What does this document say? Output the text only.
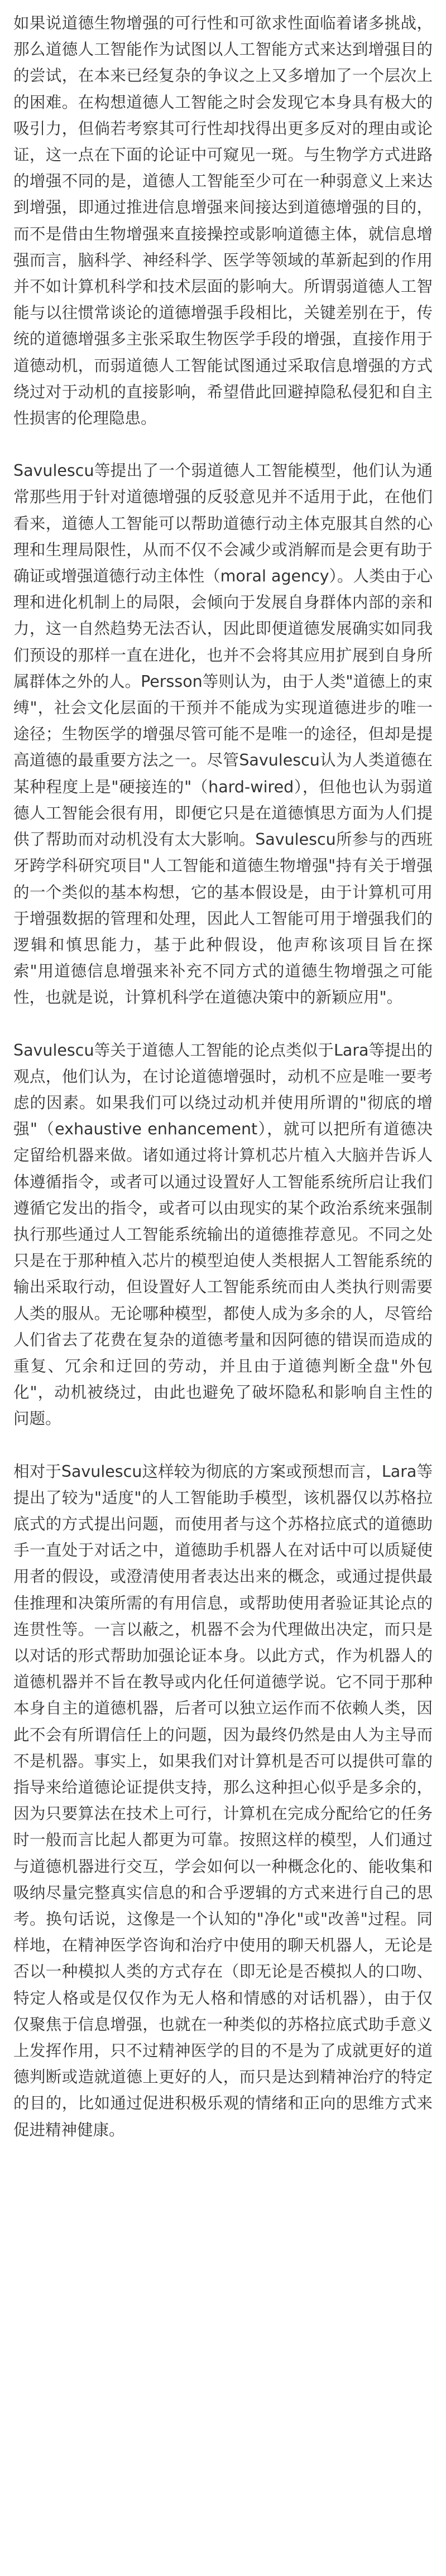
如果说道德生物增强的可行性和可欲求性面临着诸多挑战，那么道德人工智能作为试图以人工智能方式来达到增强目的的尝试，在本来已经复杂的争议之上又多增加了一个层次上的困难。在构想道德人工智能之时会发现它本身具有极大的吸引力，但倘若考察其可行性却找得出更多反对的理由或论证，这一点在下面的论证中可窥见一斑。与生物学方式进路的增强不同的是，道德人工智能至少可在一种弱意义上来达到增强，即通过推进信息增强来间接达到道德增强的目的，而不是借由生物增强来直接操控或影响道德主体，就信息增强而言，脑科学、神经科学、医学等领域的革新起到的作用并不如计算机科学和技术层面的影响大。所谓弱道德人工智能与以往惯常谈论的道德增强手段相比，关键差别在于，传统的道德增强多主张采取生物医学手段的增强，直接作用于道德动机，而弱道德人工智能试图通过采取信息增强的方式绕过对于动机的直接影响，希望借此回避掉隐私侵犯和自主性损害的伦理隐患。

Savulescu等提出了一个弱道德人工智能模型，他们认为通常那些用于针对道德增强的反驳意见并不适用于此，在他们看来，道德人工智能可以帮助道德行动主体克服其自然的心理和生理局限性，从而不仅不会减少或消解而是会更有助于确证或增强道德行动主体性（moral agency）。人类由于心理和进化机制上的局限，会倾向于发展自身群体内部的亲和力，这一自然趋势无法否认，因此即便道德发展确实如同我们预设的那样一直在进化，也并不会将其应用扩展到自身所属群体之外的人。Persson等则认为，由于人类"道德上的束缚"，社会文化层面的干预并不能成为实现道德进步的唯一途径；生物医学的增强尽管可能不是唯一的途径，但却是提高道德的最重要方法之一。尽管Savulescu认为人类道德在某种程度上是"硬接连的"（hard-wired），但他也认为弱道德人工智能会很有用，即便它只是在道德慎思方面为人们提供了帮助而对动机没有太大影响。Savulescu所参与的西班牙跨学科研究项目"人工智能和道德生物增强"持有关于增强的一个类似的基本构想，它的基本假设是，由于计算机可用于增强数据的管理和处理，因此人工智能可用于增强我们的逻辑和慎思能力，基于此种假设，他声称该项目旨在探索"用道德信息增强来补充不同方式的道德生物增强之可能性，也就是说，计算机科学在道德决策中的新颖应用"。

Savulescu等关于道德人工智能的论点类似于Lara等提出的观点，他们认为，在讨论道德增强时，动机不应是唯一要考虑的因素。如果我们可以绕过动机并使用所谓的"彻底的增强"（exhaustive enhancement），就可以把所有道德决定留给机器来做。诸如通过将计算机芯片植入大脑并告诉人体遵循指令，或者可以通过设置好人工智能系统所启让我们遵循它发出的指令，或者可以由现实的某个政治系统来强制执行那些通过人工智能系统输出的道德推荐意见。不同之处只是在于那种植入芯片的模型迫使人类根据人工智能系统的输出采取行动，但设置好人工智能系统而由人类执行则需要人类的服从。无论哪种模型，都使人成为多余的人，尽管给人们省去了花费在复杂的道德考量和因阿德的错误而造成的重复、冗余和迂回的劳动，并且由于道德判断全盘"外包化"，动机被绕过，由此也避免了破坏隐私和影响自主性的问题。

相对于Savulescu这样较为彻底的方案或预想而言，Lara等提出了较为"适度"的人工智能助手模型，该机器仅以苏格拉底式的方式提出问题，而使用者与这个苏格拉底式的道德助手一直处于对话之中，道德助手机器人在对话中可以质疑使用者的假设，或澄清使用者表达出来的概念，或通过提供最佳推理和决策所需的有用信息，或帮助使用者验证其论点的连贯性等。一言以蔽之，机器不会为代理做出决定，而只是以对话的形式帮助加强论证本身。以此方式，作为机器人的道德机器并不旨在教导或内化任何道德学说。它不同于那种本身自主的道德机器，后者可以独立运作而不依赖人类，因此不会有所谓信任上的问题，因为最终仍然是由人为主导而不是机器。事实上，如果我们对计算机是否可以提供可靠的指导来给道德论证提供支持，那么这种担心似乎是多余的，因为只要算法在技术上可行，计算机在完成分配给它的任务时一般而言比起人都更为可靠。按照这样的模型，人们通过与道德机器进行交互，学会如何以一种概念化的、能收集和吸纳尽量完整真实信息的和合乎逻辑的方式来进行自己的思考。换句话说，这像是一个认知的"净化"或"改善"过程。同样地，在精神医学咨询和治疗中使用的聊天机器人，无论是否以一种模拟人类的方式存在（即无论是否模拟人的口吻、特定人格或是仅仅作为无人格和情感的对话机器），由于仅仅聚焦于信息增强，也就在一种类似的苏格拉底式助手意义上发挥作用，只不过精神医学的目的不是为了成就更好的道德判断或造就道德上更好的人，而只是达到精神治疗的特定的目的，比如通过促进积极乐观的情绪和正向的思维方式来促进精神健康。
